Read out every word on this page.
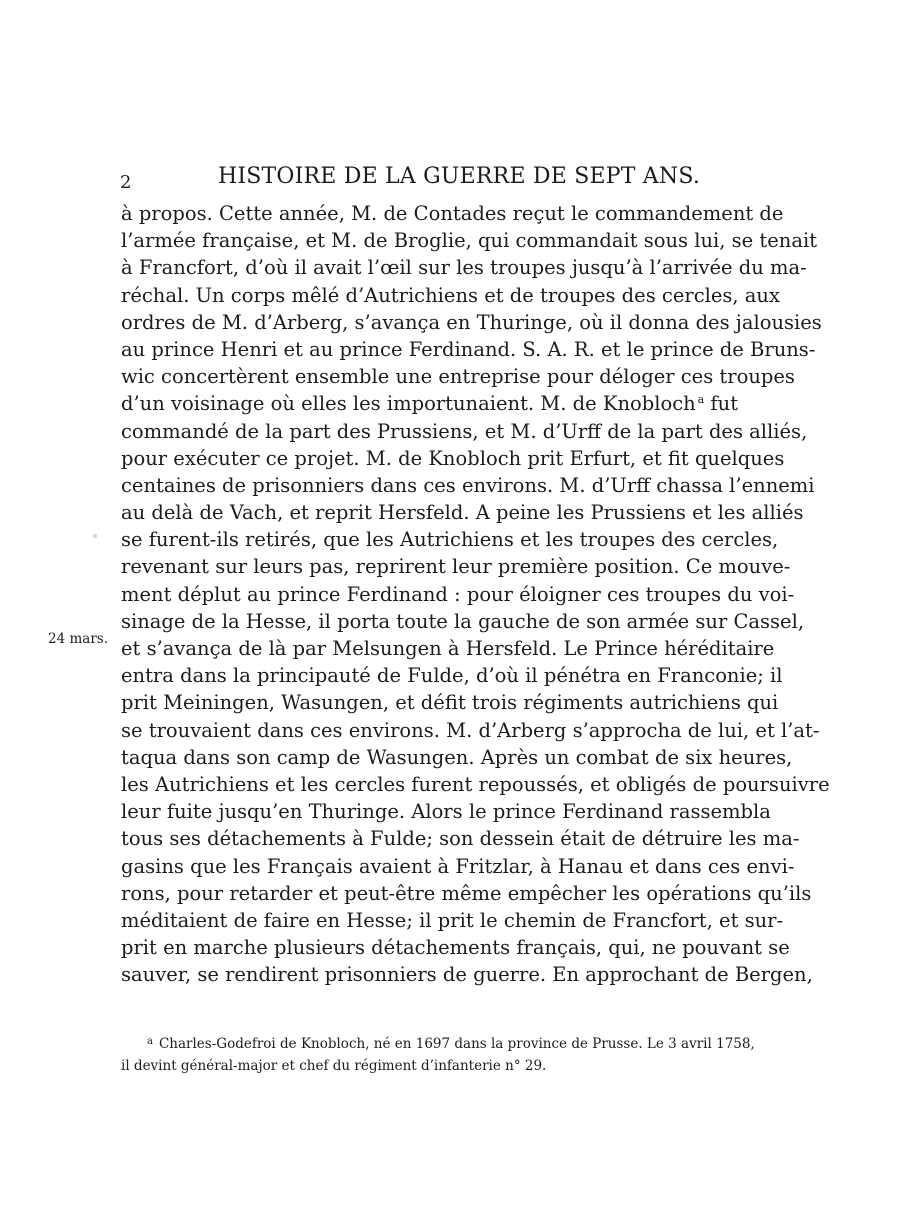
2	HISTOIRE DE LA GUERRE DE SEPT ANS.
24 mars.
à propos. Cette année, M. de Contades reçut le commandement de
l’armée française, et M. de Broglie, qui commandait sous lui, se tenait
à Francfort, d’où il avait l’œil sur les troupes jusqu’à l’arrivée du ma-
réchal. Un corps mêlé d’Autrichiens et de troupes des cercles, aux
ordres de M. d’Arberg, s’avança en Thuringe, où il donna des jalousies
au prince Henri et au prince Ferdinand. S. A. R. et le prince de Bruns-
wic concertèrent ensemble une entreprise pour déloger ces troupes
d’un voisinage où elles les importunaient. M. de Knobloch  $^a$ fut
commandé de la part des Prussiens, et M. d’Urff de la part des alliés,
pour exécuter ce projet. M. de Knobloch prit Erfurt, et fit quelques
centaines de prisonniers dans ces environs. M. d’Urff chassa l’ennemi
au delà de Vach, et reprit Hersfeld. A peine les Prussiens et les alliés
se furent-ils retirés, que les Autrichiens et les troupes des cercles,
revenant sur leurs pas, reprirent leur première position. Ce mouve-
ment déplut au prince Ferdinand : pour éloigner ces troupes du voi-
sinage de la Hesse, il porta toute la gauche de son armée sur Cassel,
et s’avança de là par Melsungen à Hersfeld. Le Prince héréditaire
entra dans la principauté de Fulde, d’où il pénétra en Franconie; il
prit Meiningen, Wasungen, et défit trois régiments autrichiens qui
se trouvaient dans ces environs. M. d’Arberg s’approcha de lui, et l’at-
taqua dans son camp de Wasungen. Après un combat de six heures,
les Autrichiens et les cercles furent repoussés, et obligés de poursuivre
leur fuite jusqu’en Thuringe. Alors le prince Ferdinand rassembla
tous ses détachements à Fulde; son dessein était de détruire les ma-
gasins que les Français avaient à Fritzlar, à Hanau et dans ces envi-
rons, pour retarder et peut-être même empêcher les opérations qu’ils
méditaient de faire en Hesse; il prit le chemin de Francfort, et sur-
prit en marche plusieurs détachements français, qui, ne pouvant se
sauver, se rendirent prisonniers de guerre. En approchant de Bergen,
$^a$ Charles-Godefroi de Knobloch, né en 1697 dans la province de Prusse. Le 3 avril 1758,
il devint général-major et chef du régiment d’infanterie n° 29.
